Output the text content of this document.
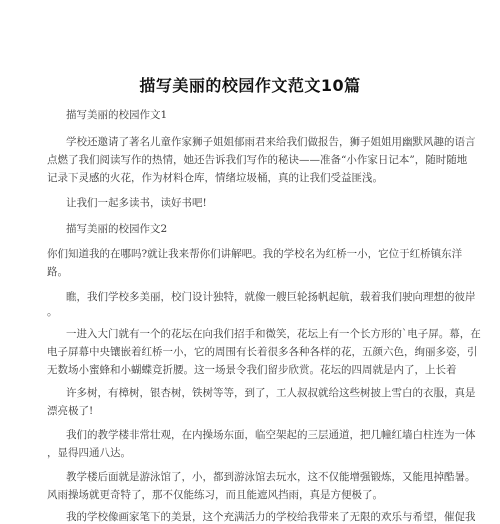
描写美丽的校园作文范文10篇
描写美丽的校园作文1
学校还邀请了著名儿童作家狮子姐姐郁雨君来给我们做报告，狮子姐姐用幽默风趣的语言
点燃了我们阅读写作的热情，她还告诉我们写作的秘诀——准备“小作家日记本”，随时随地
记录下灵感的火花，作为材料仓库，情绪垃圾桶，真的让我们受益匪浅。
让我们一起多读书，读好书吧!
描写美丽的校园作文2
你们知道我的在哪吗?就让我来帮你们讲解吧。我的学校名为红桥一小，它位于红桥镇东洋
路。
瞧，我们学校多美丽，校门设计独特，就像一艘巨轮扬帆起航，载着我们驶向理想的彼岸
。
一进入大门就有一个的花坛在向我们招手和微笑，花坛上有一个长方形的`电子屏。幕，在
电子屏幕中央镶嵌着红桥一小，它的周围有长着很多各种各样的花，五颜六色，绚丽多姿，引
无数场小蜜蜂和小蝴蝶竞折腰。这一场景令我们留步欣赏。花坛的四周就是内了，上长着
许多树，有樟树，银杏树，铁树等等，到了，工人叔叔就给这些树披上雪白的衣服，真是
漂亮极了!
我们的教学楼非常壮观，在内操场东面，临空架起的三层通道，把几幢红墙白柱连为一体
，显得四通八达。
教学楼后面就是游泳馆了，小，都到游泳馆去玩水，这不仅能增强锻炼，又能甩掉酷暑。
风雨操场就更奇特了，那不仅能练习，而且能遮风挡雨，真是方便极了。
我的学校像画家笔下的美景，这个充满活力的学校给我带来了无限的欢乐与希望，催促我
